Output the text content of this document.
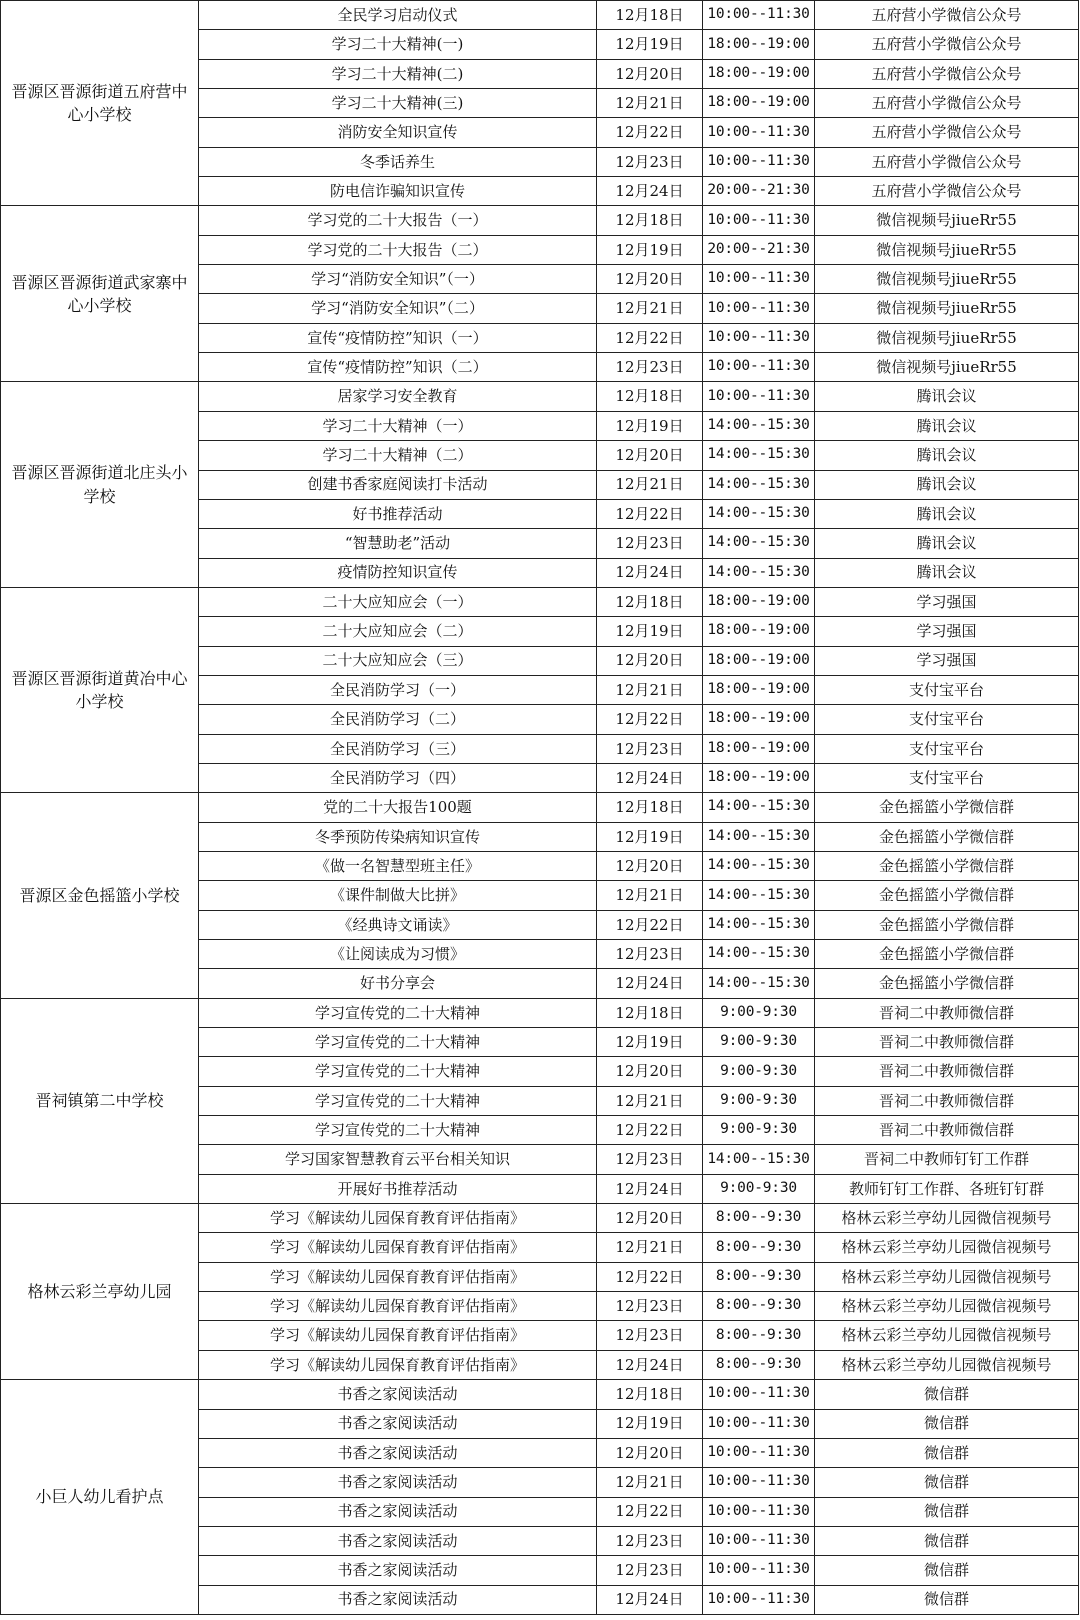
晋源区晋源街道五府营中心小学校	全民学习启动仪式	12月18日	10:00--11:30	五府营小学微信公众号
	学习二十大精神(一)	12月19日	18:00--19:00	五府营小学微信公众号
	学习二十大精神(二)	12月20日	18:00--19:00	五府营小学微信公众号
	学习二十大精神(三)	12月21日	18:00--19:00	五府营小学微信公众号
	消防安全知识宣传	12月22日	10:00--11:30	五府营小学微信公众号
	冬季话养生	12月23日	10:00--11:30	五府营小学微信公众号
	防电信诈骗知识宣传	12月24日	20:00--21:30	五府营小学微信公众号
晋源区晋源街道武家寨中心小学校	学习党的二十大报告（一）	12月18日	10:00--11:30	微信视频号jiueRr55
	学习党的二十大报告（二）	12月19日	20:00--21:30	微信视频号jiueRr55
	学习“消防安全知识”（一）	12月20日	10:00--11:30	微信视频号jiueRr55
	学习“消防安全知识”（二）	12月21日	10:00--11:30	微信视频号jiueRr55
	宣传“疫情防控”知识（一）	12月22日	10:00--11:30	微信视频号jiueRr55
	宣传“疫情防控”知识（二）	12月23日	10:00--11:30	微信视频号jiueRr55
晋源区晋源街道北庄头小学校	居家学习安全教育	12月18日	10:00--11:30	腾讯会议
	学习二十大精神（一）	12月19日	14:00--15:30	腾讯会议
	学习二十大精神（二）	12月20日	14:00--15:30	腾讯会议
	创建书香家庭阅读打卡活动	12月21日	14:00--15:30	腾讯会议
	好书推荐活动	12月22日	14:00--15:30	腾讯会议
	“智慧助老”活动	12月23日	14:00--15:30	腾讯会议
	疫情防控知识宣传	12月24日	14:00--15:30	腾讯会议
晋源区晋源街道黄冶中心小学校	二十大应知应会（一）	12月18日	18:00--19:00	学习强国
	二十大应知应会（二）	12月19日	18:00--19:00	学习强国
	二十大应知应会（三）	12月20日	18:00--19:00	学习强国
	全民消防学习（一）	12月21日	18:00--19:00	支付宝平台
	全民消防学习（二）	12月22日	18:00--19:00	支付宝平台
	全民消防学习（三）	12月23日	18:00--19:00	支付宝平台
	全民消防学习（四）	12月24日	18:00--19:00	支付宝平台
晋源区金色摇篮小学校	党的二十大报告100题	12月18日	14:00--15:30	金色摇篮小学微信群
	冬季预防传染病知识宣传	12月19日	14:00--15:30	金色摇篮小学微信群
	《做一名智慧型班主任》	12月20日	14:00--15:30	金色摇篮小学微信群
	《课件制做大比拼》	12月21日	14:00--15:30	金色摇篮小学微信群
	《经典诗文诵读》	12月22日	14:00--15:30	金色摇篮小学微信群
	《让阅读成为习惯》	12月23日	14:00--15:30	金色摇篮小学微信群
	好书分享会	12月24日	14:00--15:30	金色摇篮小学微信群
晋祠镇第二中学校	学习宣传党的二十大精神	12月18日	9:00-9:30	晋祠二中教师微信群
	学习宣传党的二十大精神	12月19日	9:00-9:30	晋祠二中教师微信群
	学习宣传党的二十大精神	12月20日	9:00-9:30	晋祠二中教师微信群
	学习宣传党的二十大精神	12月21日	9:00-9:30	晋祠二中教师微信群
	学习宣传党的二十大精神	12月22日	9:00-9:30	晋祠二中教师微信群
	学习国家智慧教育云平台相关知识	12月23日	14:00--15:30	晋祠二中教师钉钉工作群
	开展好书推荐活动	12月24日	9:00-9:30	教师钉钉工作群、各班钉钉群
格林云彩兰亭幼儿园	学习《解读幼儿园保育教育评估指南》	12月20日	8:00--9:30	格林云彩兰亭幼儿园微信视频号
	学习《解读幼儿园保育教育评估指南》	12月21日	8:00--9:30	格林云彩兰亭幼儿园微信视频号
	学习《解读幼儿园保育教育评估指南》	12月22日	8:00--9:30	格林云彩兰亭幼儿园微信视频号
	学习《解读幼儿园保育教育评估指南》	12月23日	8:00--9:30	格林云彩兰亭幼儿园微信视频号
	学习《解读幼儿园保育教育评估指南》	12月23日	8:00--9:30	格林云彩兰亭幼儿园微信视频号
	学习《解读幼儿园保育教育评估指南》	12月24日	8:00--9:30	格林云彩兰亭幼儿园微信视频号
小巨人幼儿看护点	书香之家阅读活动	12月18日	10:00--11:30	微信群
	书香之家阅读活动	12月19日	10:00--11:30	微信群
	书香之家阅读活动	12月20日	10:00--11:30	微信群
	书香之家阅读活动	12月21日	10:00--11:30	微信群
	书香之家阅读活动	12月22日	10:00--11:30	微信群
	书香之家阅读活动	12月23日	10:00--11:30	微信群
	书香之家阅读活动	12月23日	10:00--11:30	微信群
	书香之家阅读活动	12月24日	10:00--11:30	微信群
